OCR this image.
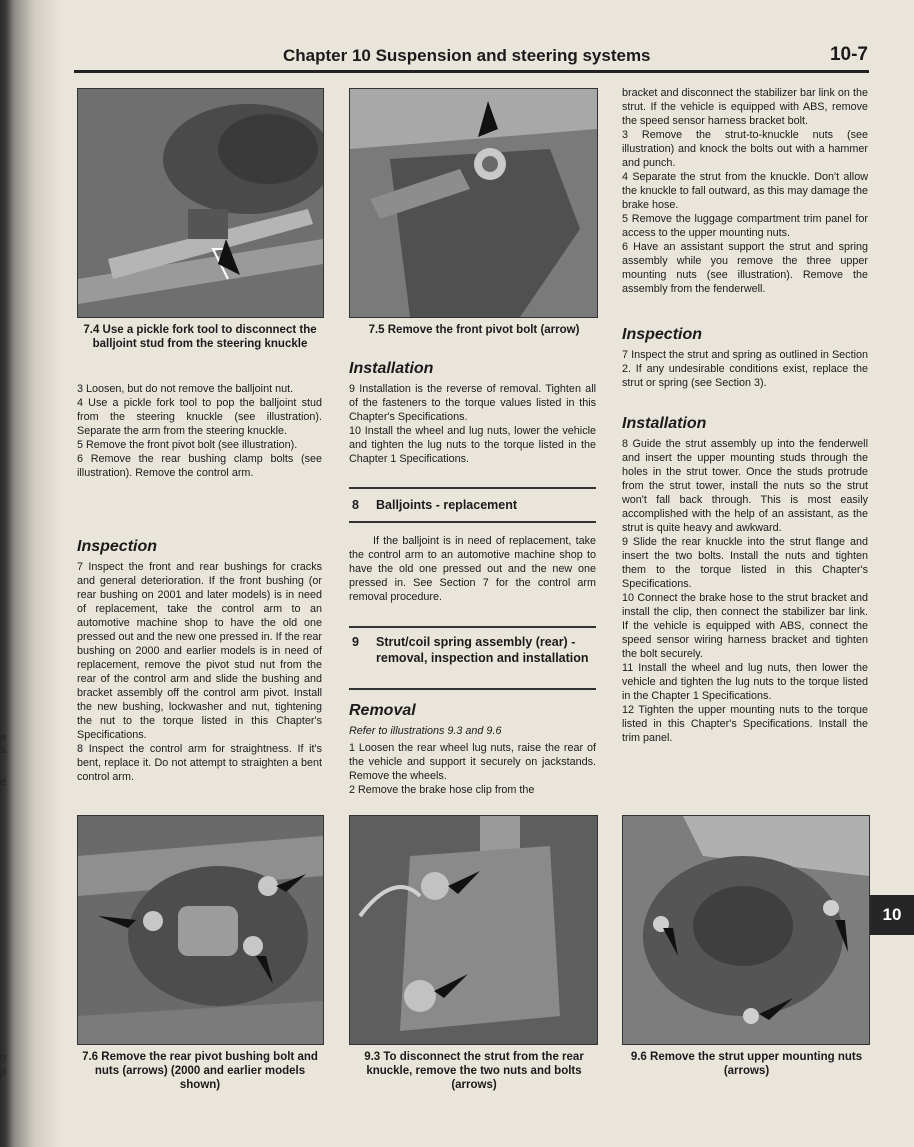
e
s.
e
n
p
Chapter 10 Suspension and steering systems	10-7
10
7.4 Use a pickle fork tool to disconnect the balljoint stud from the steering knuckle
7.5 Remove the front pivot bolt (arrow)

3 Loosen, but do not remove the balljoint nut.

4 Use a pickle fork tool to pop the balljoint stud from the steering knuckle (see illustration). Separate the arm from the steering knuckle.

5 Remove the front pivot bolt (see illustration).

6 Remove the rear bushing clamp bolts (see illustration). Remove the control arm.

Inspection

7 Inspect the front and rear bushings for cracks and general deterioration. If the front bushing (or rear bushing on 2001 and later models) is in need of replacement, take the control arm to an automotive machine shop to have the old one pressed out and the new one pressed in. If the rear bushing on 2000 and earlier models is in need of replacement, remove the pivot stud nut from the rear of the control arm and slide the bushing and bracket assembly off the control arm pivot. Install the new bushing, lockwasher and nut, tightening the nut to the torque listed in this Chapter's Specifications.

8 Inspect the control arm for straightness. If it's bent, replace it. Do not attempt to straighten a bent control arm.

Installation

9 Installation is the reverse of removal. Tighten all of the fasteners to the torque values listed in this Chapter's Specifications.

10 Install the wheel and lug nuts, lower the vehicle and tighten the lug nuts to the torque listed in the Chapter 1 Specifications.

8 Balljoints - replacement
If the balljoint is in need of replacement, take the control arm to an automotive machine shop to have the old one pressed out and the new one pressed in. See Section 7 for the control arm removal procedure.
9 Strut/coil spring assembly (rear) - removal, inspection and installation
Removal
Refer to illustrations 9.3 and 9.6

1 Loosen the rear wheel lug nuts, raise the rear of the vehicle and support it securely on jackstands. Remove the wheels.

2 Remove the brake hose clip from the

bracket and disconnect the stabilizer bar link on the strut. If the vehicle is equipped with ABS, remove the speed sensor harness bracket bolt.

3 Remove the strut-to-knuckle nuts (see illustration) and knock the bolts out with a hammer and punch.

4 Separate the strut from the knuckle. Don't allow the knuckle to fall outward, as this may damage the brake hose.

5 Remove the luggage compartment trim panel for access to the upper mounting nuts.

6 Have an assistant support the strut and spring assembly while you remove the three upper mounting nuts (see illustration). Remove the assembly from the fenderwell.

Inspection
7 Inspect the strut and spring as outlined in Section 2. If any undesirable conditions exist, replace the strut or spring (see Section 3).
Installation

8 Guide the strut assembly up into the fenderwell and insert the upper mounting studs through the holes in the strut tower. Once the studs protrude from the strut tower, install the nuts so the strut won't fall back through. This is most easily accomplished with the help of an assistant, as the strut is quite heavy and awkward.

9 Slide the rear knuckle into the strut flange and insert the two bolts. Install the nuts and tighten them to the torque listed in this Chapter's Specifications.

10 Connect the brake hose to the strut bracket and install the clip, then connect the stabilizer bar link. If the vehicle is equipped with ABS, connect the speed sensor wiring harness bracket and tighten the bolt securely.

11 Install the wheel and lug nuts, then lower the vehicle and tighten the lug nuts to the torque listed in the Chapter 1 Specifications.

12 Tighten the upper mounting nuts to the torque listed in this Chapter's Specifications. Install the trim panel.

7.6 Remove the rear pivot bushing bolt and nuts (arrows) (2000 and earlier models shown)
9.3 To disconnect the strut from the rear knuckle, remove the two nuts and bolts (arrows)
9.6 Remove the strut upper mounting nuts (arrows)
